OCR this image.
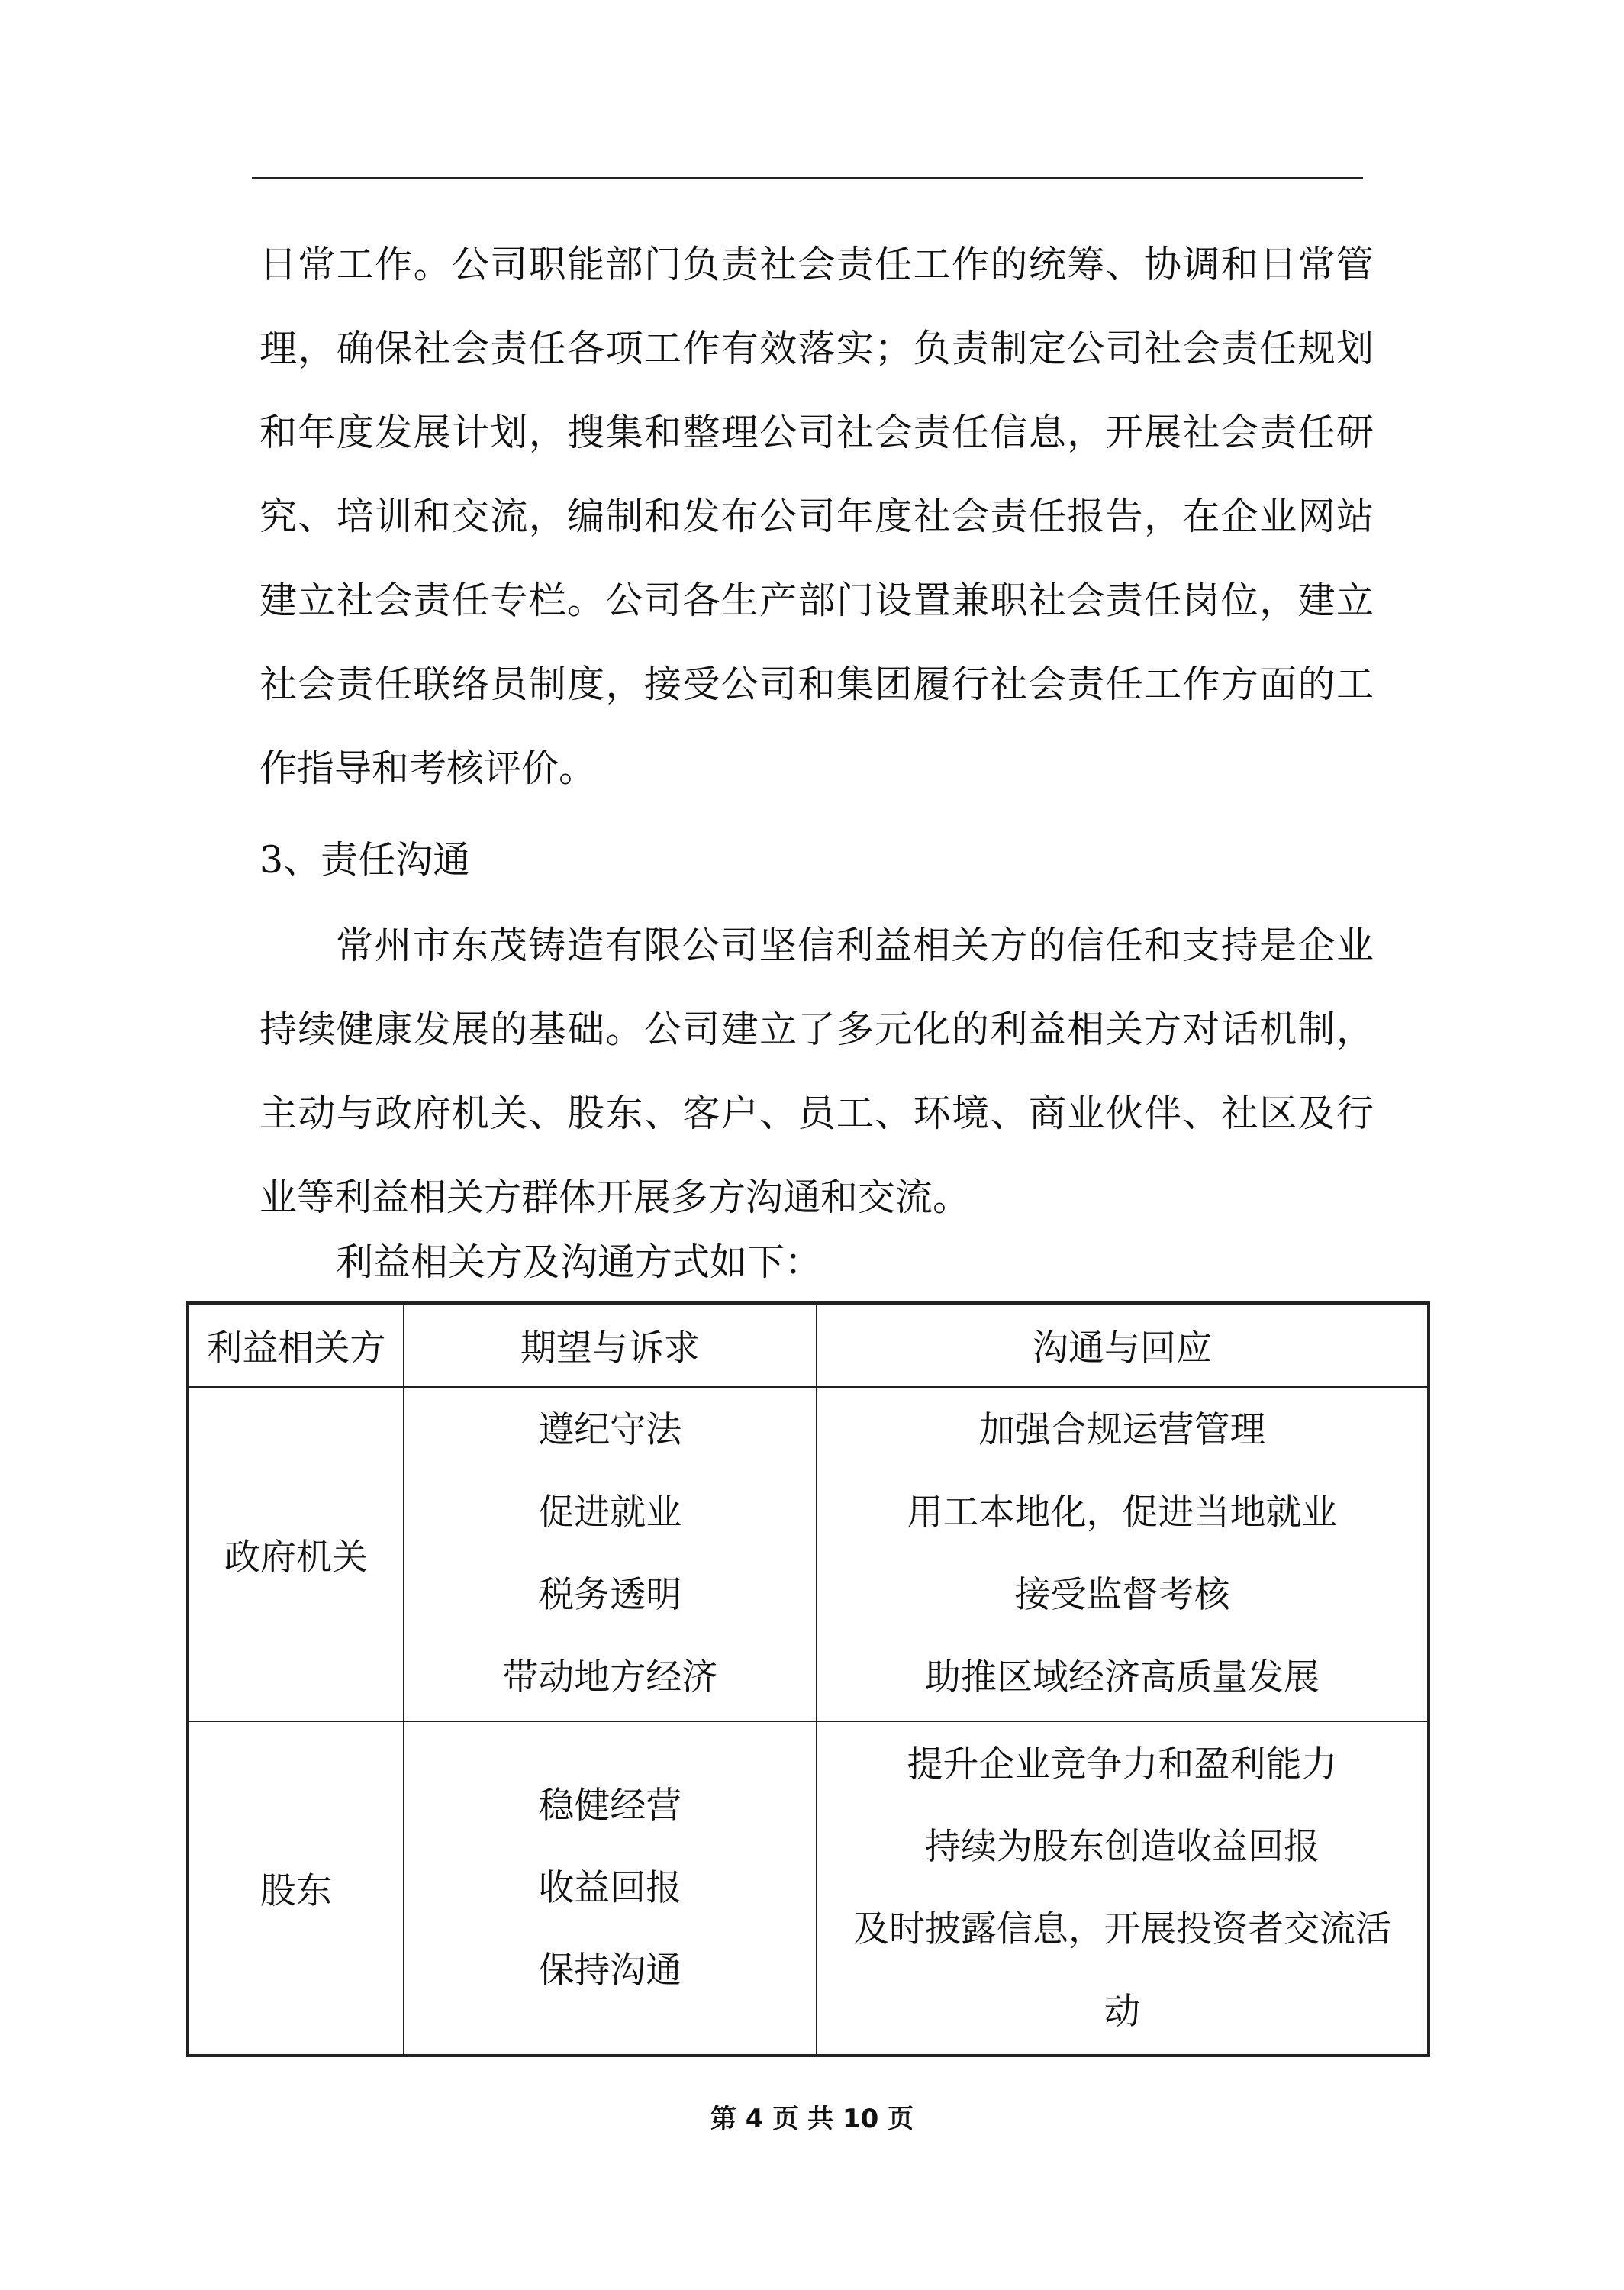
日常工作。公司职能部门负责社会责任工作的统筹、协调和日常管理，确保社会责任各项工作有效落实；负责制定公司社会责任规划和年度发展计划，搜集和整理公司社会责任信息，开展社会责任研究、培训和交流，编制和发布公司年度社会责任报告，在企业网站建立社会责任专栏。公司各生产部门设置兼职社会责任岗位，建立社会责任联络员制度，接受公司和集团履行社会责任工作方面的工作指导和考核评价。
3、责任沟通
常州市东茂铸造有限公司坚信利益相关方的信任和支持是企业持续健康发展的基础。公司建立了多元化的利益相关方对话机制，主动与政府机关、股东、客户、员工、环境、商业伙伴、社区及行业等利益相关方群体开展多方沟通和交流。
利益相关方及沟通方式如下：
利益相关方	期望与诉求	沟通与回应
政府机关	遵纪守法
促进就业
税务透明
带动地方经济	加强合规运营管理
用工本地化，促进当地就业
接受监督考核
助推区域经济高质量发展

股东	稳健经营
收益回报
保持沟通	提升企业竞争力和盈利能力
持续为股东创造收益回报
及时披露信息，开展投资者交流活
动
第 4 页 共 10 页
